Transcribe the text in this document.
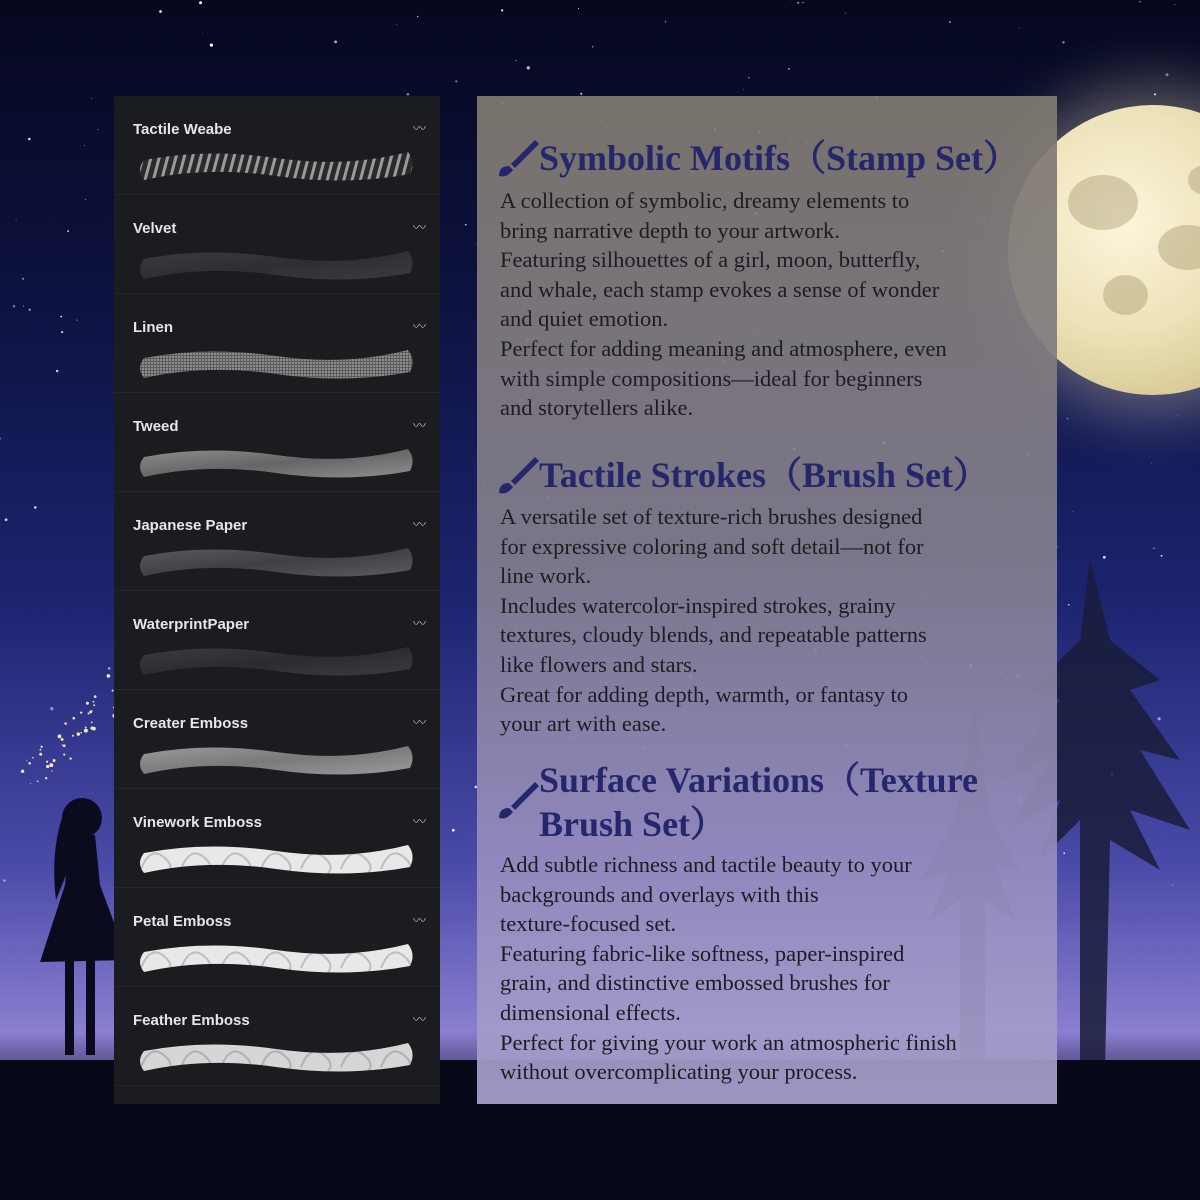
Tactile Weabe	〰
Velvet	〰
Linen	〰
Tweed	〰
Japanese Paper	〰
WaterprintPaper	〰
Creater Emboss	〰
Vinework Emboss	〰
Petal Emboss	〰
Feather Emboss	〰
Symbolic Motifs（Stamp Set）
A collection of symbolic, dreamy elements to
bring narrative depth to your artwork.
Featuring silhouettes of a girl, moon, butterfly,
and whale, each stamp evokes a sense of wonder
and quiet emotion.
Perfect for adding meaning and atmosphere, even
with simple compositions—ideal for beginners
and storytellers alike.
Tactile Strokes（Brush Set）
A versatile set of texture-rich brushes designed
for expressive coloring and soft detail—not for
line work.
Includes watercolor-inspired strokes, grainy
textures, cloudy blends, and repeatable patterns
like flowers and stars.
Great for adding depth, warmth, or fantasy to
your art with ease.
Surface Variations（Texture
Brush Set）
Add subtle richness and tactile beauty to your
backgrounds and overlays with this
texture-focused set.
Featuring fabric-like softness, paper-inspired
grain, and distinctive embossed brushes for
dimensional effects.
Perfect for giving your work an atmospheric finish
without overcomplicating your process.
